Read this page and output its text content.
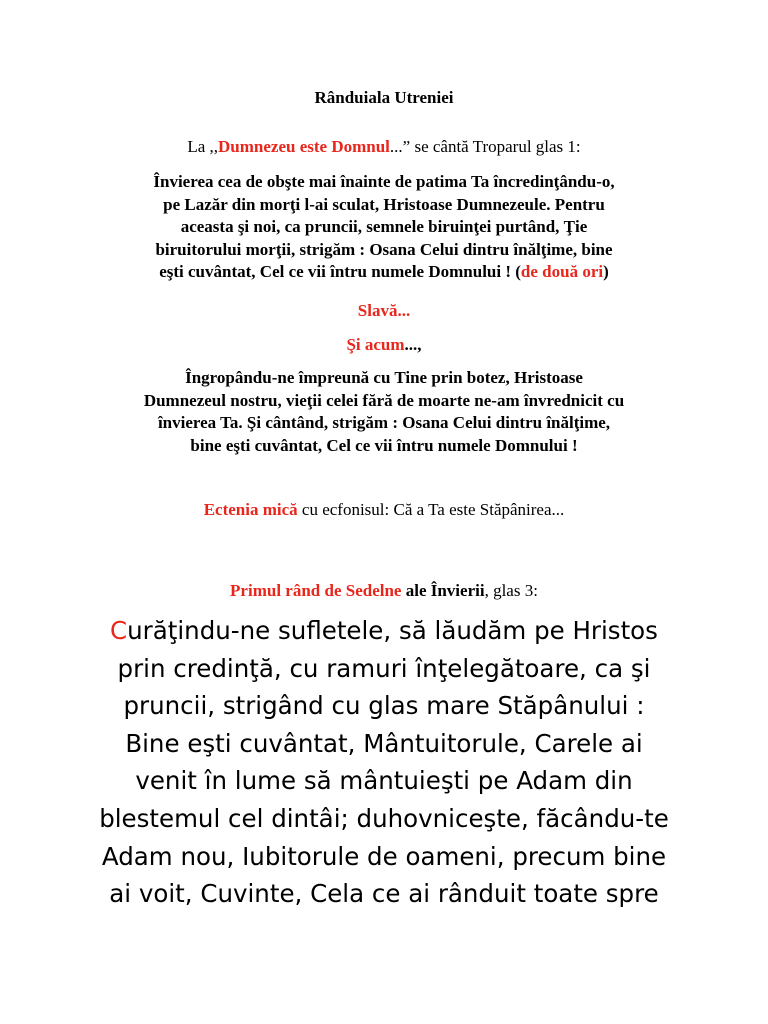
Rânduiala Utreniei

La ,,Dumnezeu este Domnul...” se cântă Troparul glas 1:

Învierea cea de obşte mai înainte de patima Ta încredinţându-o,
pe Lazăr din morţi l-ai sculat, Hristoase Dumnezeule. Pentru
aceasta şi noi, ca pruncii, semnele biruinţei purtând, Ţie
biruitorului morţii, strigăm : Osana Celui dintru înălţime, bine
eşti cuvântat, Cel ce vii întru numele Domnului ! (de două ori)

Slavă...

Şi acum...,

Îngropându-ne împreună cu Tine prin botez, Hristoase
Dumnezeul nostru, vieţii celei fără de moarte ne-am învrednicit cu
învierea Ta. Şi cântând, strigăm : Osana Celui dintru înălţime,
bine eşti cuvântat, Cel ce vii întru numele Domnului !

Ectenia mică cu ecfonisul: Că a Ta este Stăpânirea...

Primul rând de Sedelne ale Învierii, glas 3:

Curăţindu-ne sufletele, să lăudăm pe Hristos
prin credinţă, cu ramuri înţelegătoare, ca şi
pruncii, strigând cu glas mare Stăpânului :
Bine eşti cuvântat, Mântuitorule, Carele ai
venit în lume să mântuieşti pe Adam din
blestemul cel dintâi; duhovniceşte, făcându-te
Adam nou, Iubitorule de oameni, precum bine
ai voit, Cuvinte, Cela ce ai rânduit toate spre
